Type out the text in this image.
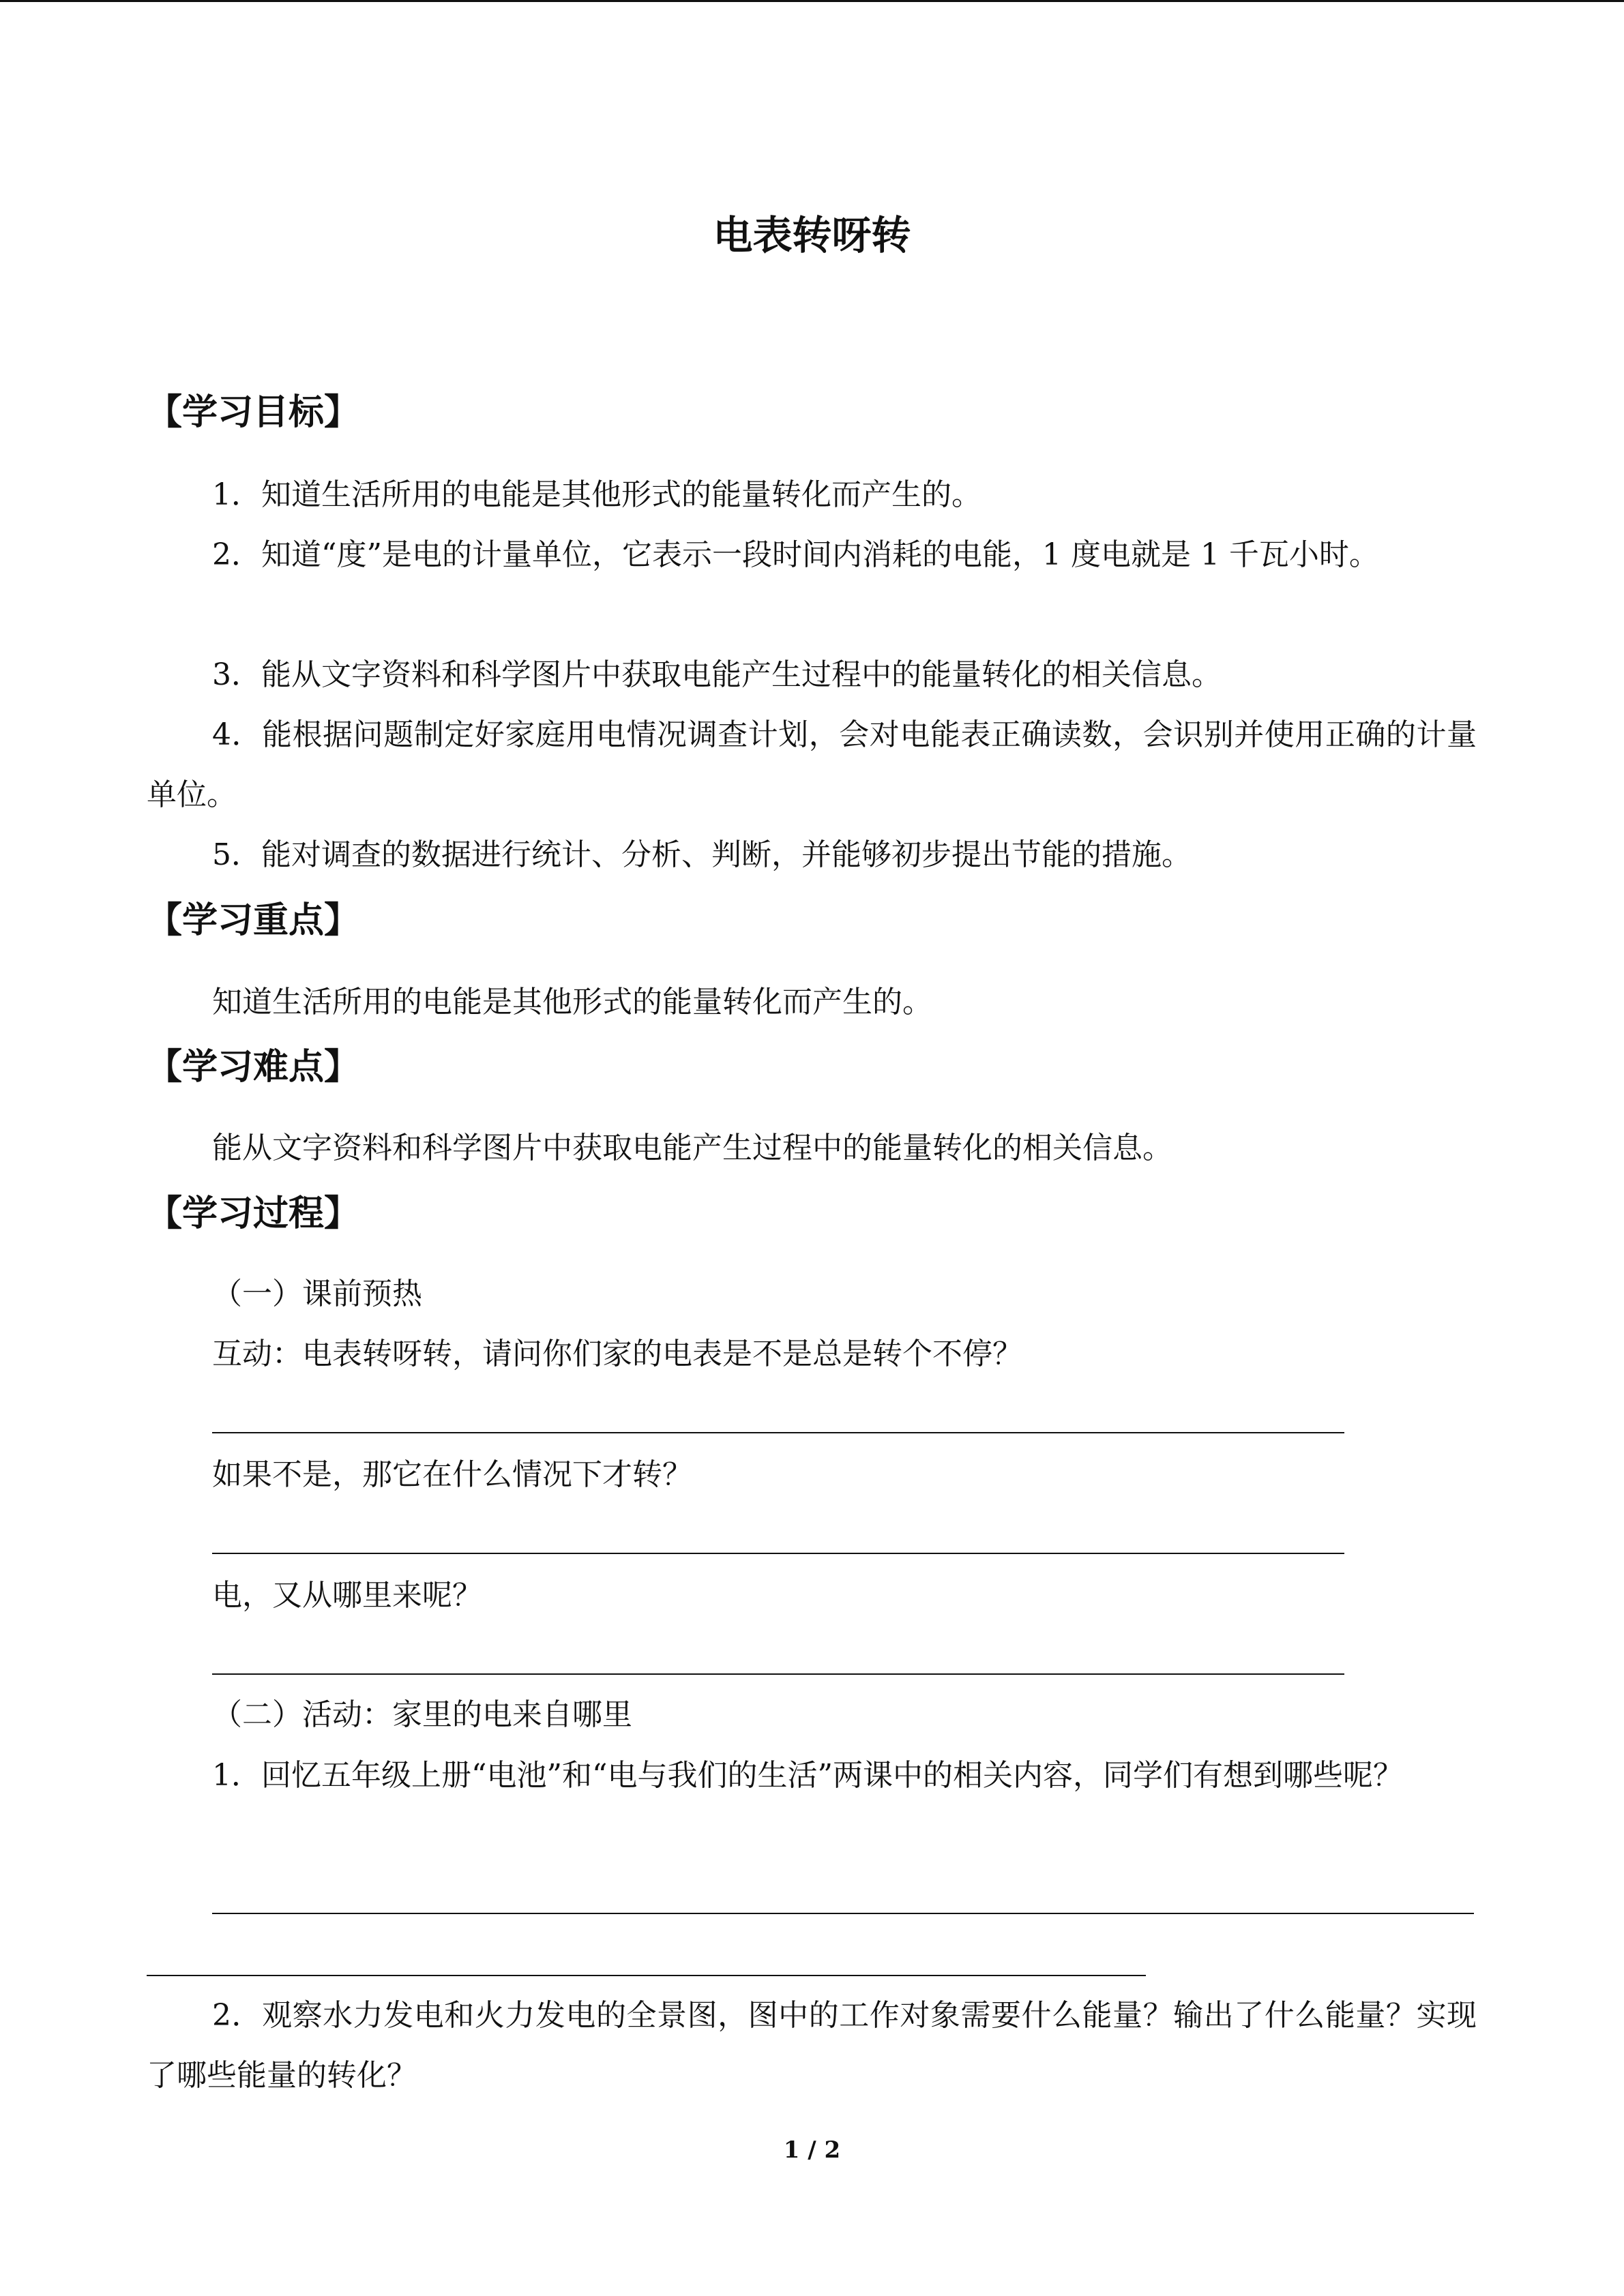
电表转呀转
【学习目标】
1．知道生活所用的电能是其他形式的能量转化而产生的。
2．知道“度”是电的计量单位，它表示一段时间内消耗的电能，1 度电就是 1 千瓦小时。
3．能从文字资料和科学图片中获取电能产生过程中的能量转化的相关信息。
4．能根据问题制定好家庭用电情况调查计划，会对电能表正确读数，会识别并使用正确的计量单位。
5．能对调查的数据进行统计、分析、判断，并能够初步提出节能的措施。
【学习重点】
知道生活所用的电能是其他形式的能量转化而产生的。
【学习难点】
能从文字资料和科学图片中获取电能产生过程中的能量转化的相关信息。
【学习过程】
（一）课前预热
互动：电表转呀转，请问你们家的电表是不是总是转个不停？
如果不是，那它在什么情况下才转？
电，又从哪里来呢？
（二）活动：家里的电来自哪里
1．回忆五年级上册“电池”和“电与我们的生活”两课中的相关内容，同学们有想到哪些呢？
2．观察水力发电和火力发电的全景图，图中的工作对象需要什么能量？输出了什么能量？实现了哪些能量的转化？
1 / 2
